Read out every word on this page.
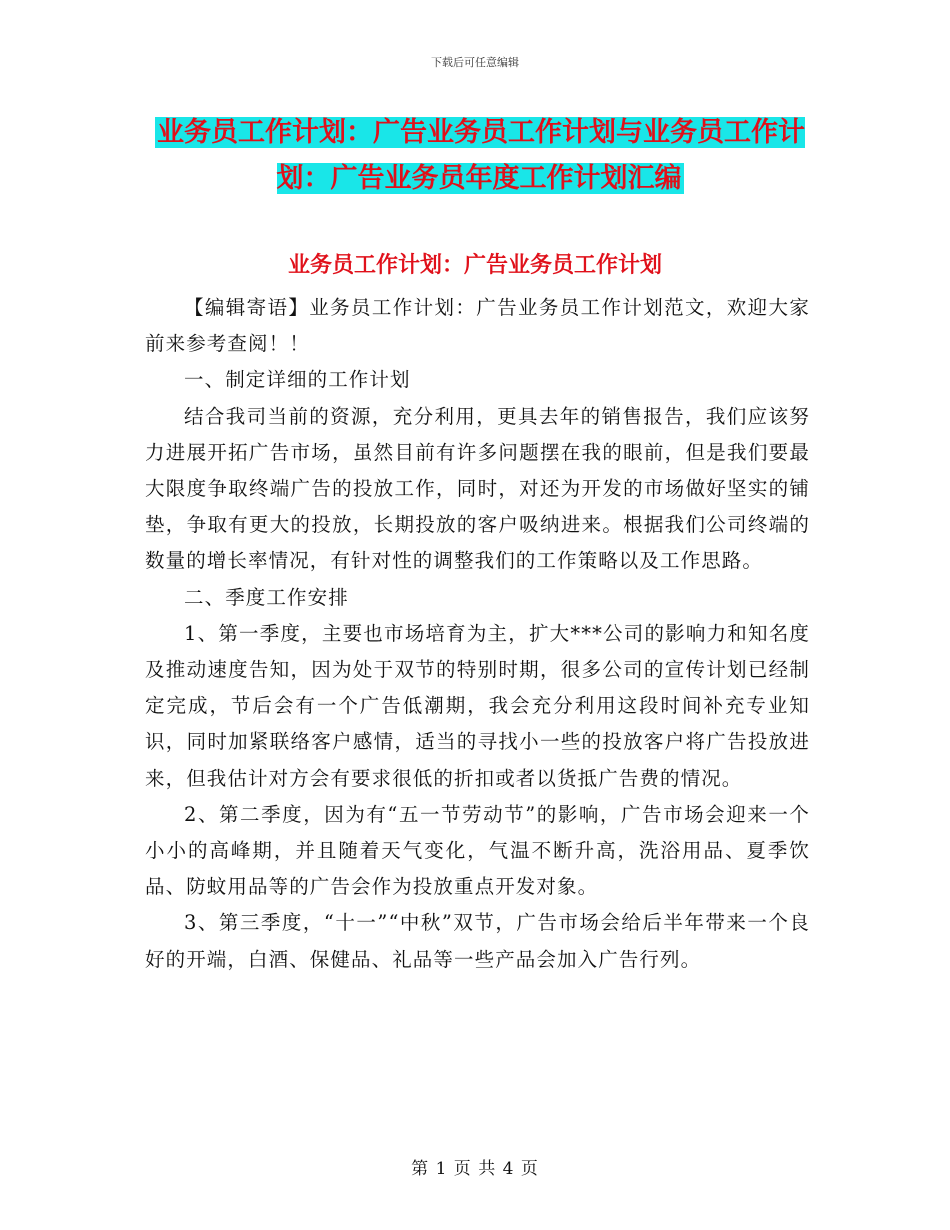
下载后可任意编辑
业务员工作计划：广告业务员工作计划与业务员工作计划：广告业务员年度工作计划汇编
业务员工作计划：广告业务员工作计划

【编辑寄语】业务员工作计划：广告业务员工作计划范文，欢迎大家前来参考查阅！！

一、制定详细的工作计划

结合我司当前的资源，充分利用，更具去年的销售报告，我们应该努力进展开拓广告市场，虽然目前有许多问题摆在我的眼前，但是我们要最大限度争取终端广告的投放工作，同时，对还为开发的市场做好坚实的铺垫，争取有更大的投放，长期投放的客户吸纳进来。根据我们公司终端的数量的增长率情况，有针对性的调整我们的工作策略以及工作思路。

二、季度工作安排

1、第一季度，主要也市场培育为主，扩大***公司的影响力和知名度及推动速度告知，因为处于双节的特别时期，很多公司的宣传计划已经制定完成，节后会有一个广告低潮期，我会充分利用这段时间补充专业知识，同时加紧联络客户感情，适当的寻找小一些的投放客户将广告投放进来，但我估计对方会有要求很低的折扣或者以货抵广告费的情况。

2、第二季度，因为有“五一节劳动节”的影响，广告市场会迎来一个小小的高峰期，并且随着天气变化，气温不断升高，洗浴用品、夏季饮品、防蚊用品等的广告会作为投放重点开发对象。

3、第三季度，“十一”“中秋”双节，广告市场会给后半年带来一个良好的开端，白酒、保健品、礼品等一些产品会加入广告行列。

第 1 页 共 4 页
